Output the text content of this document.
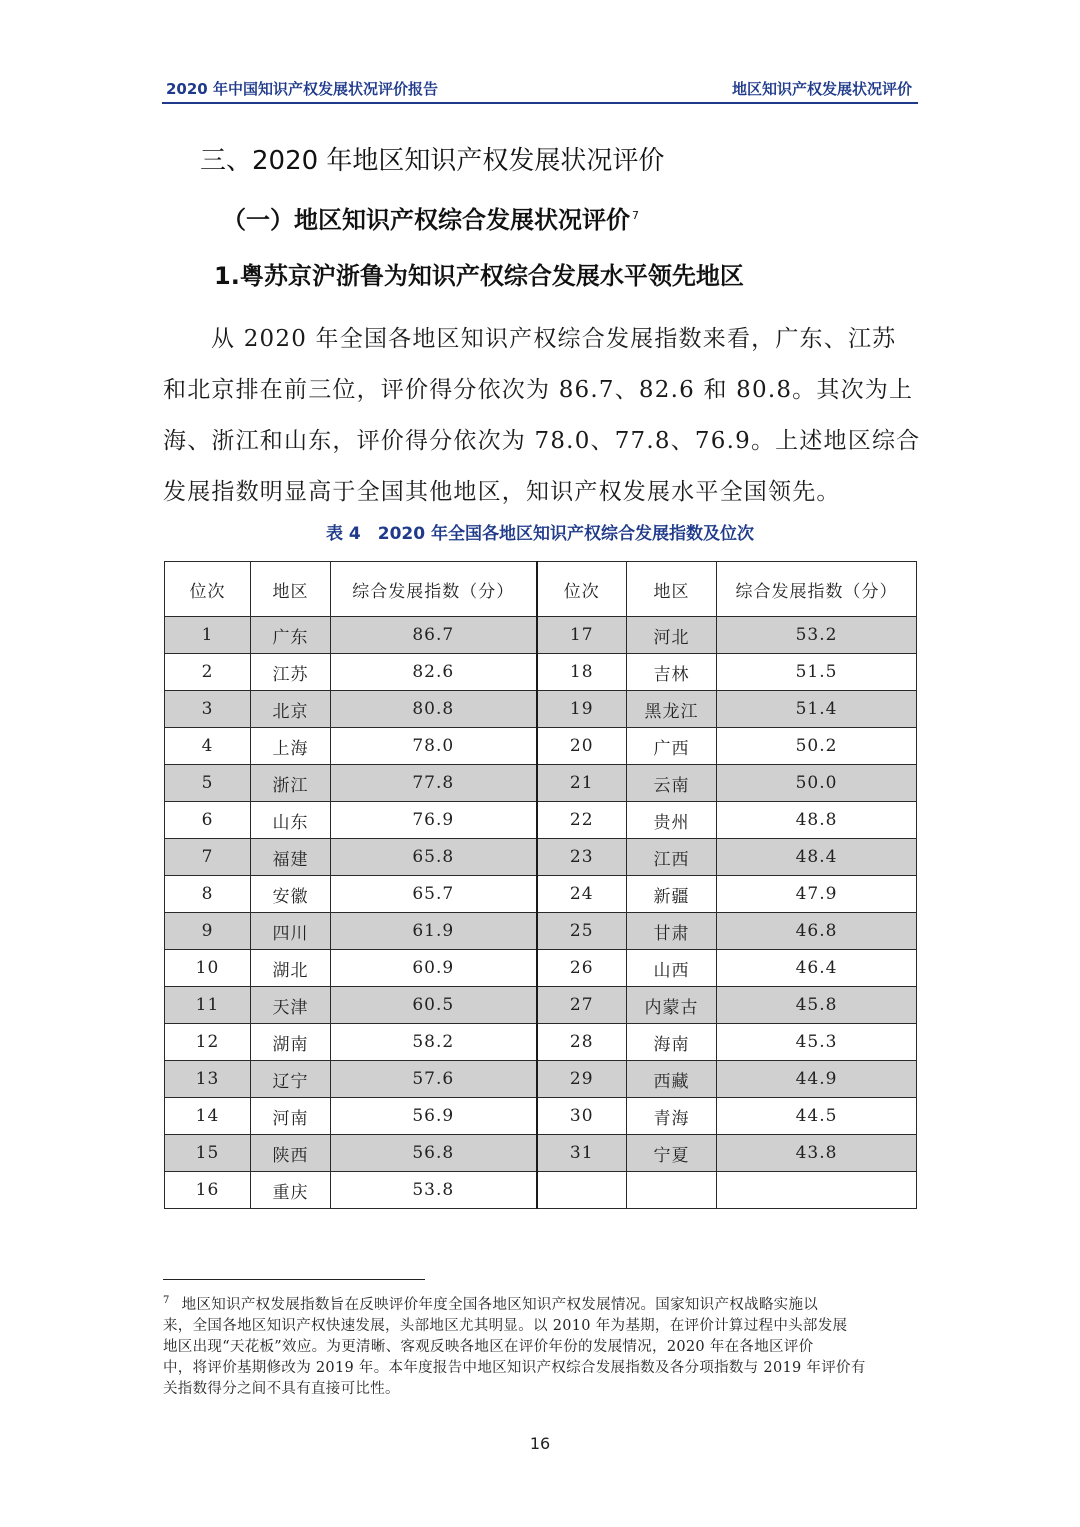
2020 年中国知识产权发展状况评价报告	地区知识产权发展状况评价
三、2020 年地区知识产权发展状况评价
（一）地区知识产权综合发展状况评价 $^7$
1.粤苏京沪浙鲁为知识产权综合发展水平领先地区

从 2020 年全国各地区知识产权综合发展指数来看，广东、江苏

和北京排在前三位，评价得分依次为 86.7、82.6 和 80.8。其次为上

海、浙江和山东，评价得分依次为 78.0、77.8、76.9。上述地区综合

发展指数明显高于全国其他地区，知识产权发展水平全国领先。

表 4　2020 年全国各地区知识产权综合发展指数及位次
位次	地区	综合发展指数（分）	位次	地区	综合发展指数（分）
1	广东	86.7	17	河北	53.2
2	江苏	82.6	18	吉林	51.5
3	北京	80.8	19	黑龙江	51.4
4	上海	78.0	20	广西	50.2
5	浙江	77.8	21	云南	50.0
6	山东	76.9	22	贵州	48.8
7	福建	65.8	23	江西	48.4
8	安徽	65.7	24	新疆	47.9
9	四川	61.9	25	甘肃	46.8
10	湖北	60.9	26	山西	46.4
11	天津	60.5	27	内蒙古	45.8
12	湖南	58.2	28	海南	45.3
13	辽宁	57.6	29	西藏	44.9
14	河南	56.9	30	青海	44.5
15	陕西	56.8	31	宁夏	43.8
16	重庆	53.8			

$^7$ 地区知识产权发展指数旨在反映评价年度全国各地区知识产权发展情况。国家知识产权战略实施以

来，全国各地区知识产权快速发展，头部地区尤其明显。以 2010 年为基期，在评价计算过程中头部发展

地区出现“天花板”效应。为更清晰、客观反映各地区在评价年份的发展情况，2020 年在各地区评价

中，将评价基期修改为 2019 年。本年度报告中地区知识产权综合发展指数及各分项指数与 2019 年评价有

关指数得分之间不具有直接可比性。

16
